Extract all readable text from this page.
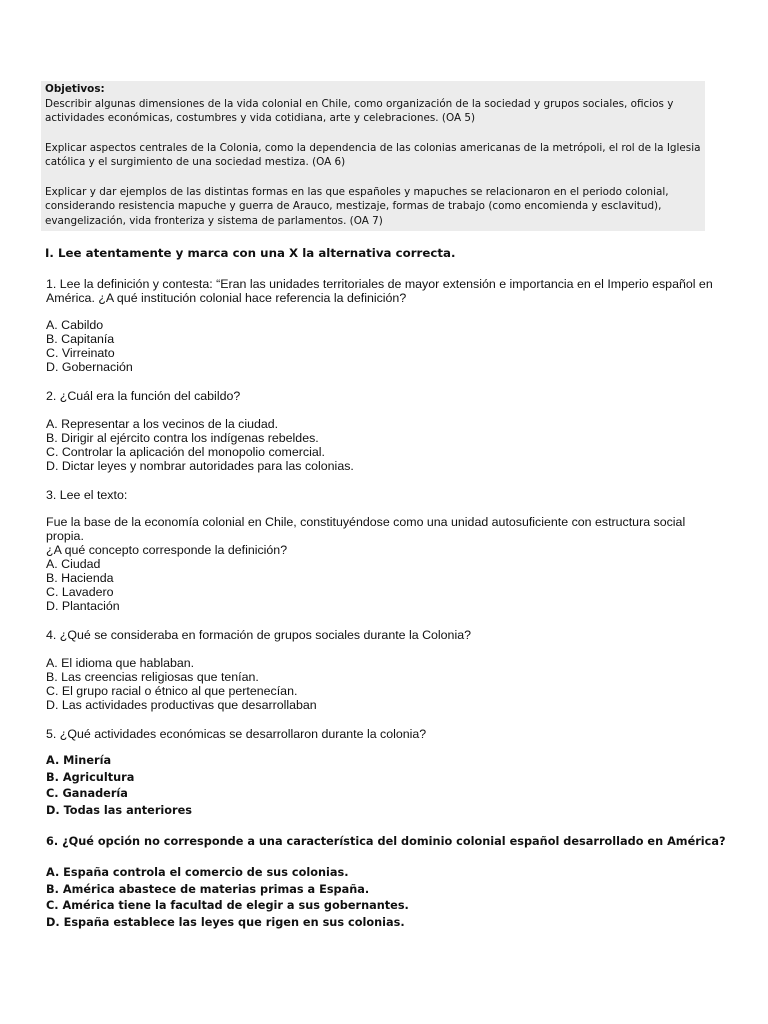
Objetivos:

Describir algunas dimensiones de la vida colonial en Chile, como organización de la sociedad y grupos sociales, oficios y actividades económicas, costumbres y vida cotidiana, arte y celebraciones. (OA 5)

Explicar aspectos centrales de la Colonia, como la dependencia de las colonias americanas de la metrópoli, el rol de la Iglesia católica y el surgimiento de una sociedad mestiza. (OA 6)

Explicar y dar ejemplos de las distintas formas en las que españoles y mapuches se relacionaron en el periodo colonial, considerando resistencia mapuche y guerra de Arauco, mestizaje, formas de trabajo (como encomienda y esclavitud), evangelización, vida fronteriza y sistema de parlamentos. (OA 7)

I. Lee atentamente y marca con una X la alternativa correcta.

1. Lee la definición y contesta: “Eran las unidades territoriales de mayor extensión e importancia en el Imperio español en América. ¿A qué institución colonial hace referencia la definición?

A. Cabildo

B. Capitanía

C. Virreinato

D. Gobernación

2. ¿Cuál era la función del cabildo?

A. Representar a los vecinos de la ciudad.

B. Dirigir al ejército contra los indígenas rebeldes.

C. Controlar la aplicación del monopolio comercial.

D. Dictar leyes y nombrar autoridades para las colonias.

3. Lee el texto:

Fue la base de la economía colonial en Chile, constituyéndose como una unidad autosuficiente con estructura social propia.

¿A qué concepto corresponde la definición?

A. Ciudad

B. Hacienda

C. Lavadero

D. Plantación

4. ¿Qué se consideraba en formación de grupos sociales durante la Colonia?

A. El idioma que hablaban.

B. Las creencias religiosas que tenían.

C. El grupo racial o étnico al que pertenecían.

D. Las actividades productivas que desarrollaban

5. ¿Qué actividades económicas se desarrollaron durante la colonia?

A. Minería

B. Agricultura

C. Ganadería

D. Todas las anteriores

6. ¿Qué opción no corresponde a una característica del dominio colonial español desarrollado en América?

A. España controla el comercio de sus colonias.

B. América abastece de materias primas a España.

C. América tiene la facultad de elegir a sus gobernantes.

D. España establece las leyes que rigen en sus colonias.
